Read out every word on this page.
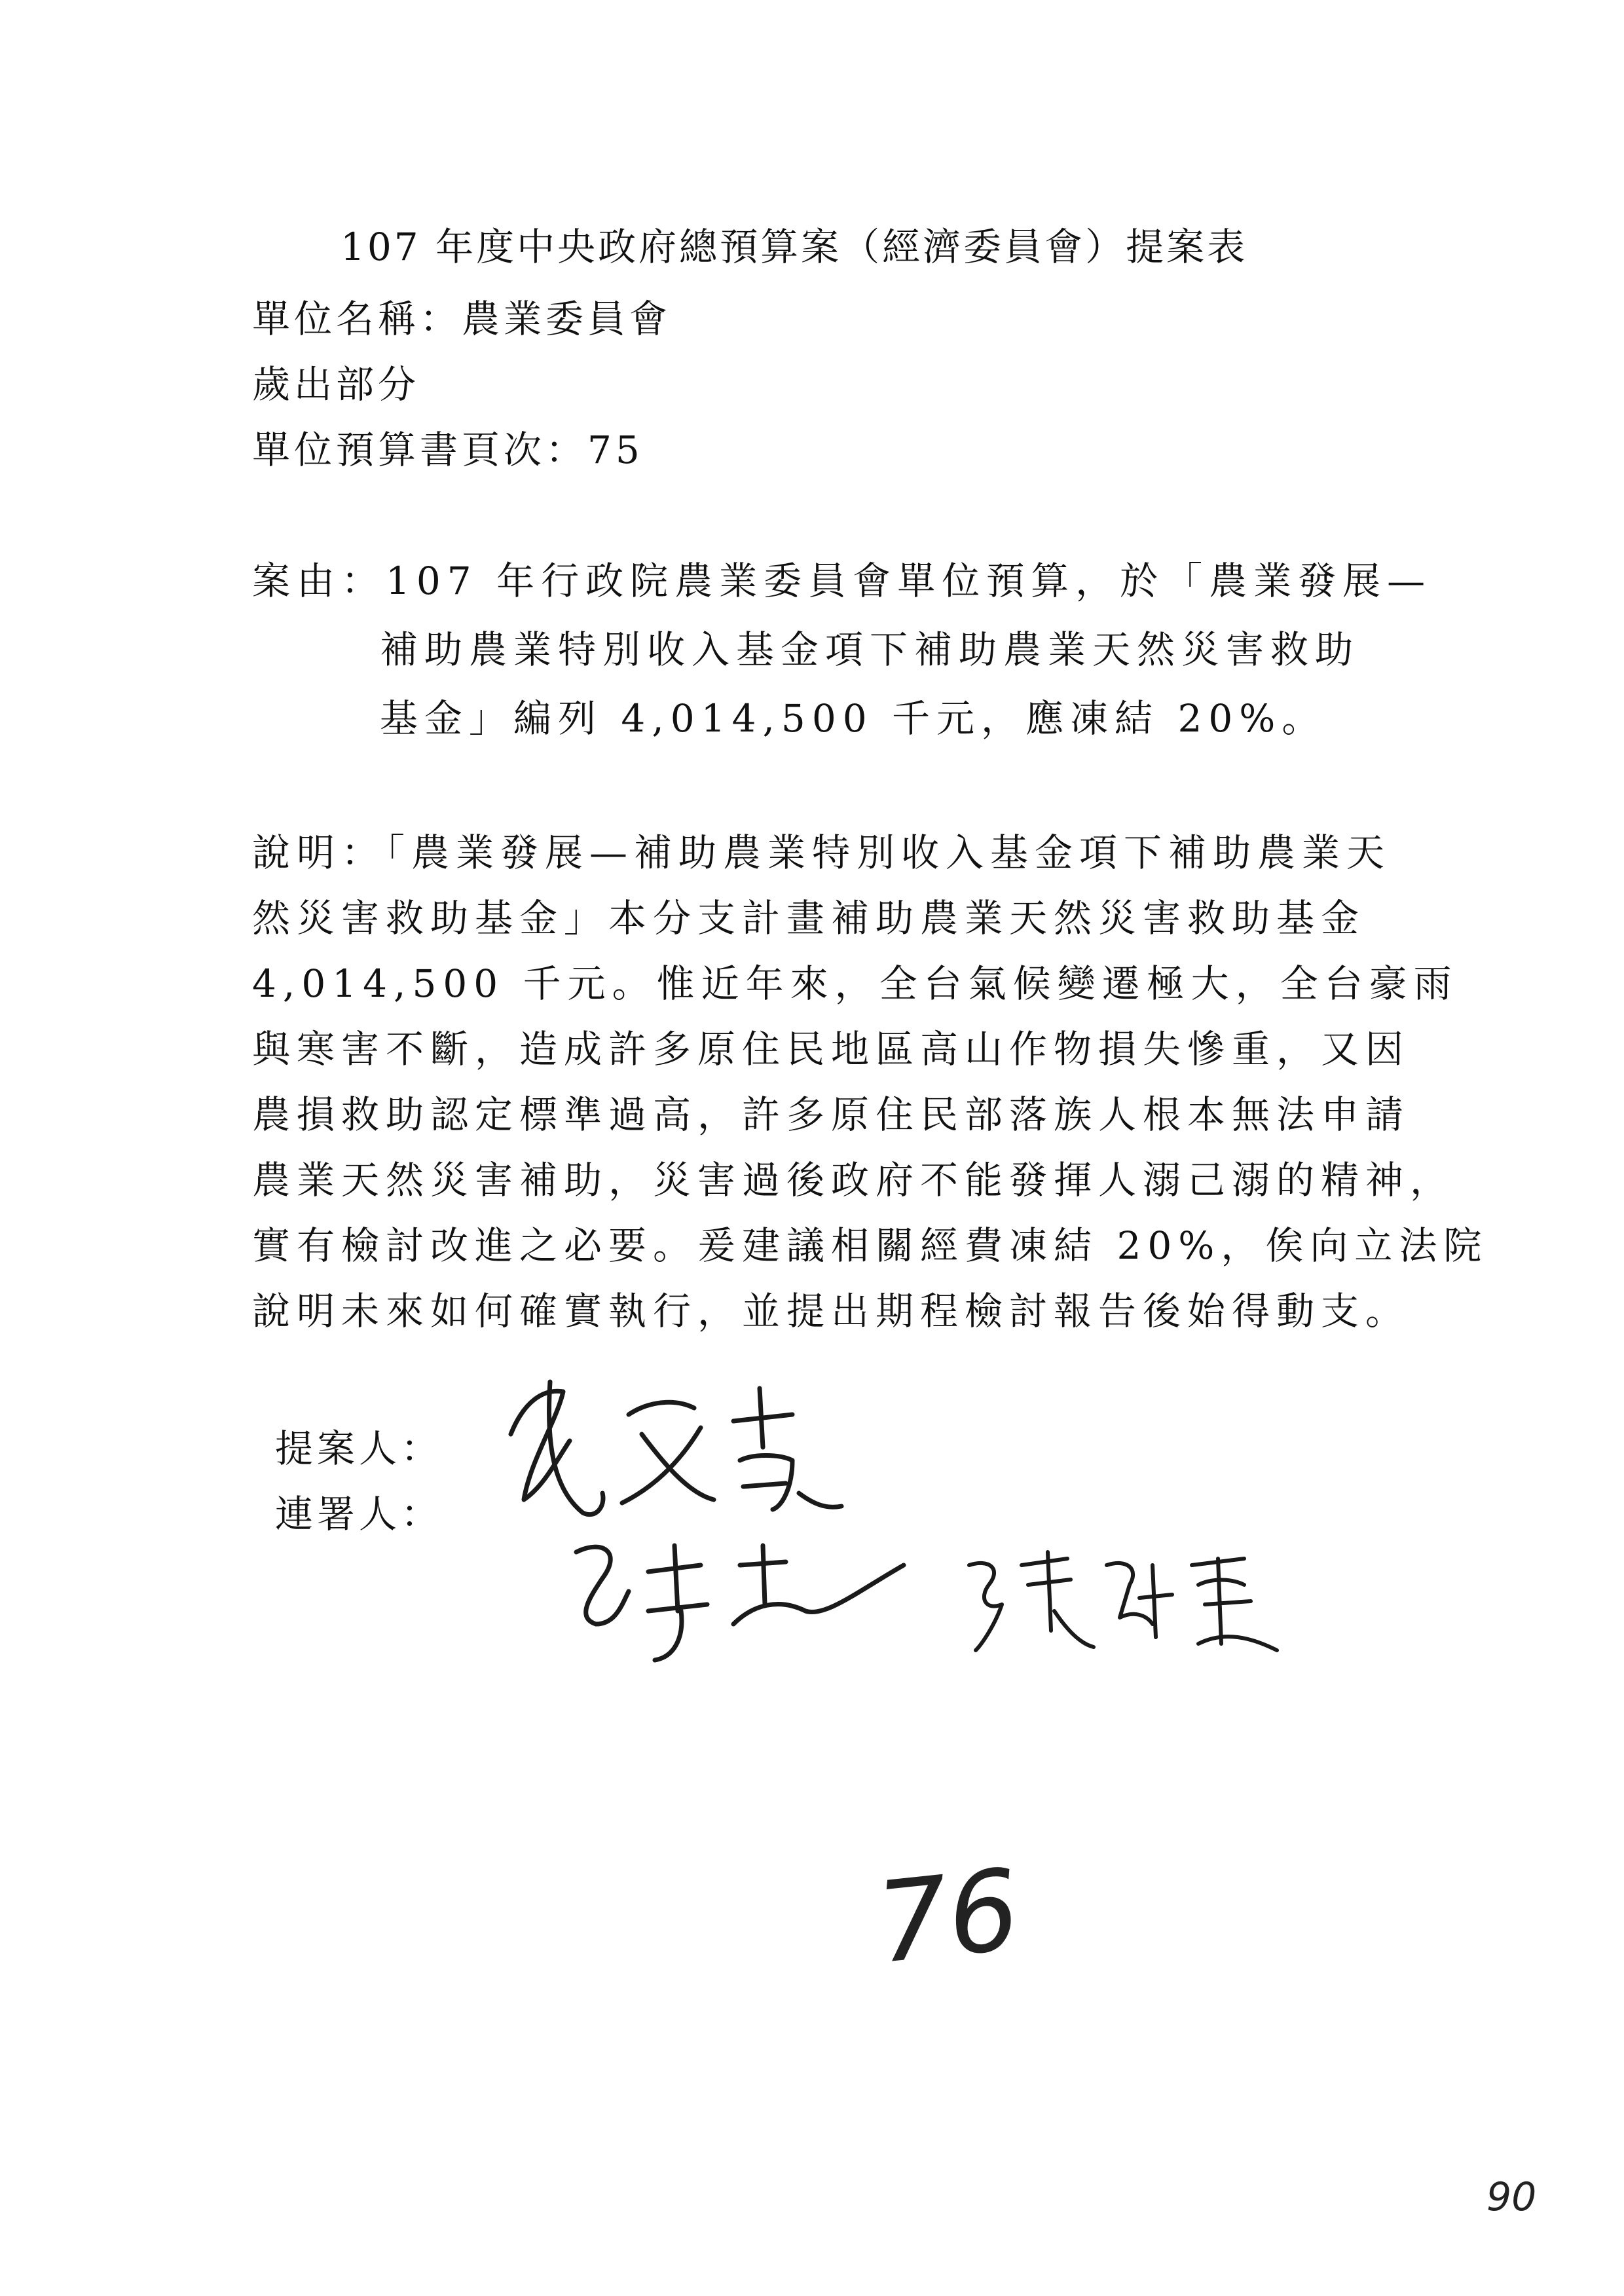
107 年度中央政府總預算案（經濟委員會）提案表
單位名稱：農業委員會
歲出部分
單位預算書頁次：75
案由：107 年行政院農業委員會單位預算，於「農業發展—
補助農業特別收入基金項下補助農業天然災害救助
基金」編列 4,014,500 千元，應凍結 20%。
說明：「農業發展—補助農業特別收入基金項下補助農業天
然災害救助基金」本分支計畫補助農業天然災害救助基金
4,014,500 千元。惟近年來，全台氣候變遷極大，全台豪雨
與寒害不斷，造成許多原住民地區高山作物損失慘重，又因
農損救助認定標準過高，許多原住民部落族人根本無法申請
農業天然災害補助，災害過後政府不能發揮人溺己溺的精神，
實有檢討改進之必要。爰建議相關經費凍結 20%，俟向立法院
說明未來如何確實執行，並提出期程檢討報告後始得動支。
提案人：
連署人：
76
90
